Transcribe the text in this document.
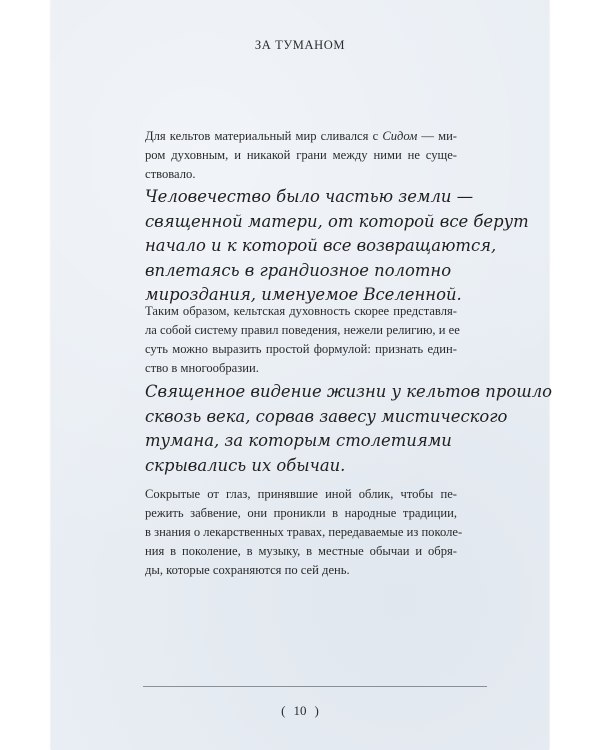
ЗА ТУМАНОМ

Для кельтов материальный мир сливался с Сидом — ми-
ром духовным, и никакой грани между ними не суще-
ствовало.

Человечество было частью земли —
священной матери, от которой все берут
начало и к которой все возвращаются,
вплетаясь в грандиозное полотно
мироздания, именуемое Вселенной.

Таким образом, кельтская духовность скорее представля-
ла собой систему правил поведения, нежели религию, и ее
суть можно выразить простой формулой: признать един-
ство в многообразии.

Священное видение жизни у кельтов прошло
сквозь века, сорвав завесу мистического
тумана, за которым столетиями
скрывались их обычаи.

Сокрытые от глаз, принявшие иной облик, чтобы пе-
режить забвение, они проникли в народные традиции,
в знания о лекарственных травах, передаваемые из поколе-
ния в поколение, в музыку, в местные обычаи и обря-
ды, которые сохраняются по сей день.

( 10 )
